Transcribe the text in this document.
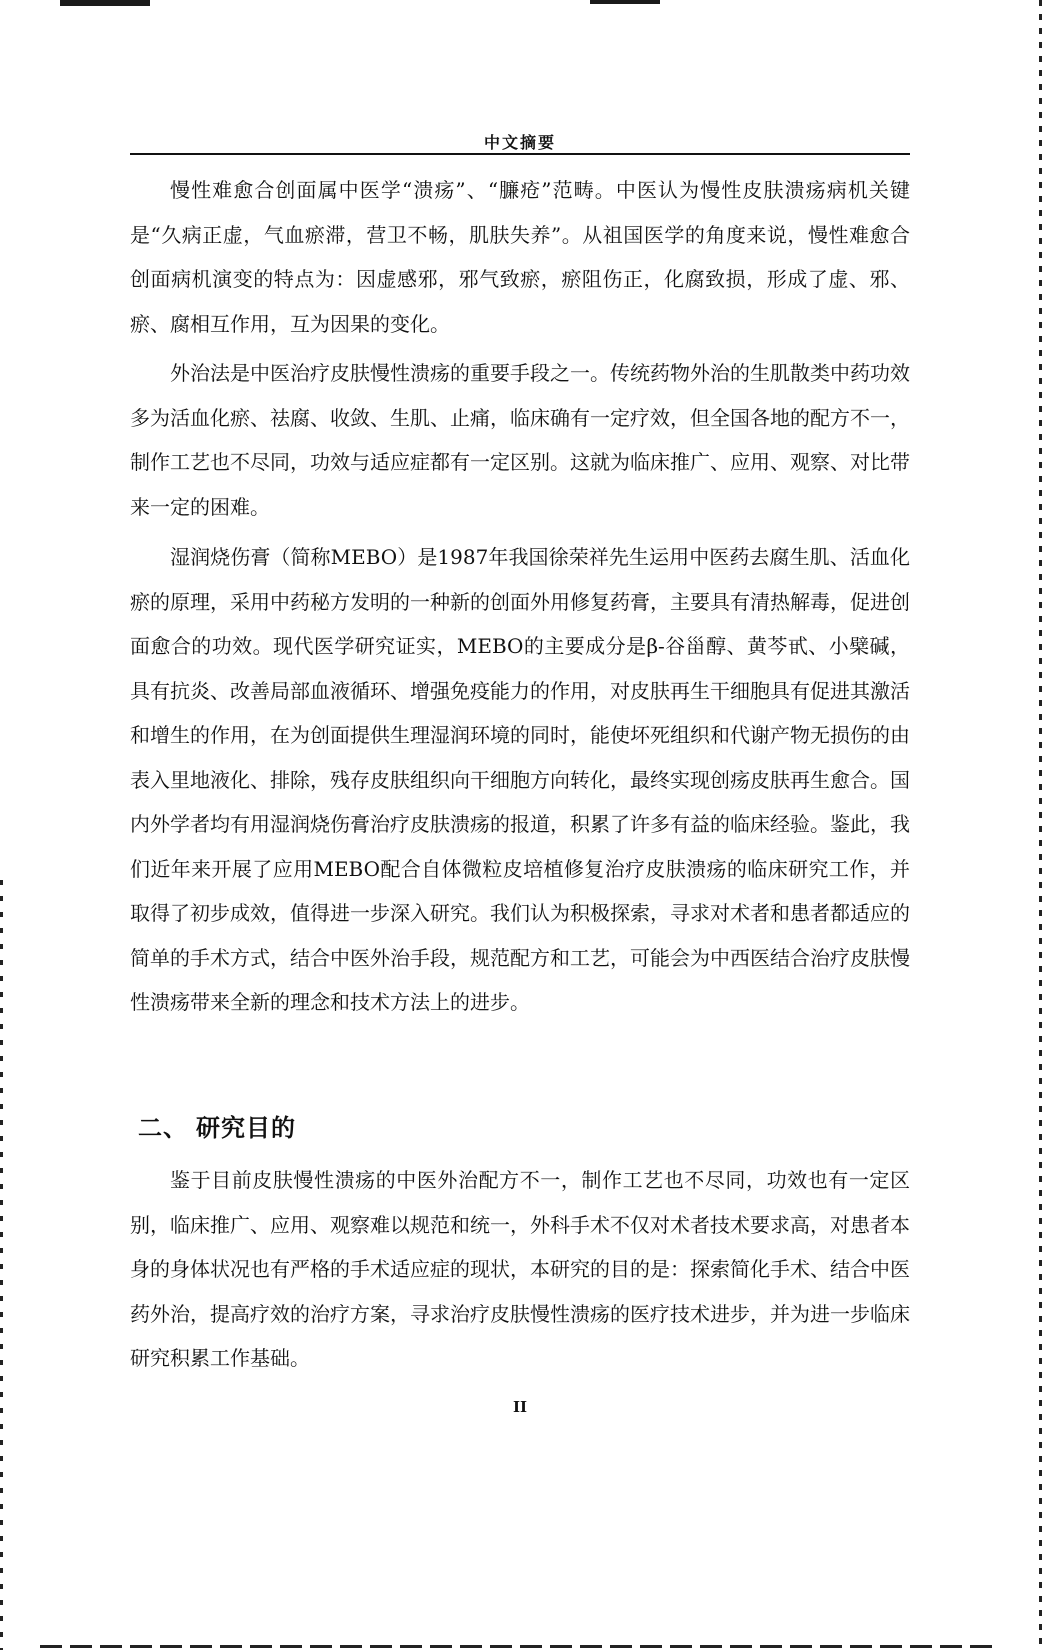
中文摘要

慢性难愈合创面属中医学“溃疡”、“臁疮”范畴。中医认为慢性皮肤溃疡病机关键是“久病正虚，气血瘀滞，营卫不畅，肌肤失养”。从祖国医学的角度来说，慢性难愈合创面病机演变的特点为：因虚感邪，邪气致瘀，瘀阻伤正，化腐致损，形成了虚、邪、瘀、腐相互作用，互为因果的变化。

外治法是中医治疗皮肤慢性溃疡的重要手段之一。传统药物外治的生肌散类中药功效多为活血化瘀、祛腐、收敛、生肌、止痛，临床确有一定疗效，但全国各地的配方不一，制作工艺也不尽同，功效与适应症都有一定区别。这就为临床推广、应用、观察、对比带来一定的困难。

湿润烧伤膏（简称MEBO）是1987年我国徐荣祥先生运用中医药去腐生肌、活血化瘀的原理，采用中药秘方发明的一种新的创面外用修复药膏，主要具有清热解毒，促进创面愈合的功效。现代医学研究证实，MEBO的主要成分是β-谷甾醇、黄芩甙、小檗碱，具有抗炎、改善局部血液循环、增强免疫能力的作用，对皮肤再生干细胞具有促进其激活和增生的作用，在为创面提供生理湿润环境的同时，能使坏死组织和代谢产物无损伤的由表入里地液化、排除，残存皮肤组织向干细胞方向转化，最终实现创疡皮肤再生愈合。国内外学者均有用湿润烧伤膏治疗皮肤溃疡的报道，积累了许多有益的临床经验。鉴此，我们近年来开展了应用MEBO配合自体微粒皮培植修复治疗皮肤溃疡的临床研究工作，并取得了初步成效，值得进一步深入研究。我们认为积极探索，寻求对术者和患者都适应的简单的手术方式，结合中医外治手段，规范配方和工艺，可能会为中西医结合治疗皮肤慢性溃疡带来全新的理念和技术方法上的进步。

二、 研究目的

鉴于目前皮肤慢性溃疡的中医外治配方不一，制作工艺也不尽同，功效也有一定区别，临床推广、应用、观察难以规范和统一，外科手术不仅对术者技术要求高，对患者本身的身体状况也有严格的手术适应症的现状，本研究的目的是：探索简化手术、结合中医药外治，提高疗效的治疗方案，寻求治疗皮肤慢性溃疡的医疗技术进步，并为进一步临床研究积累工作基础。

II
